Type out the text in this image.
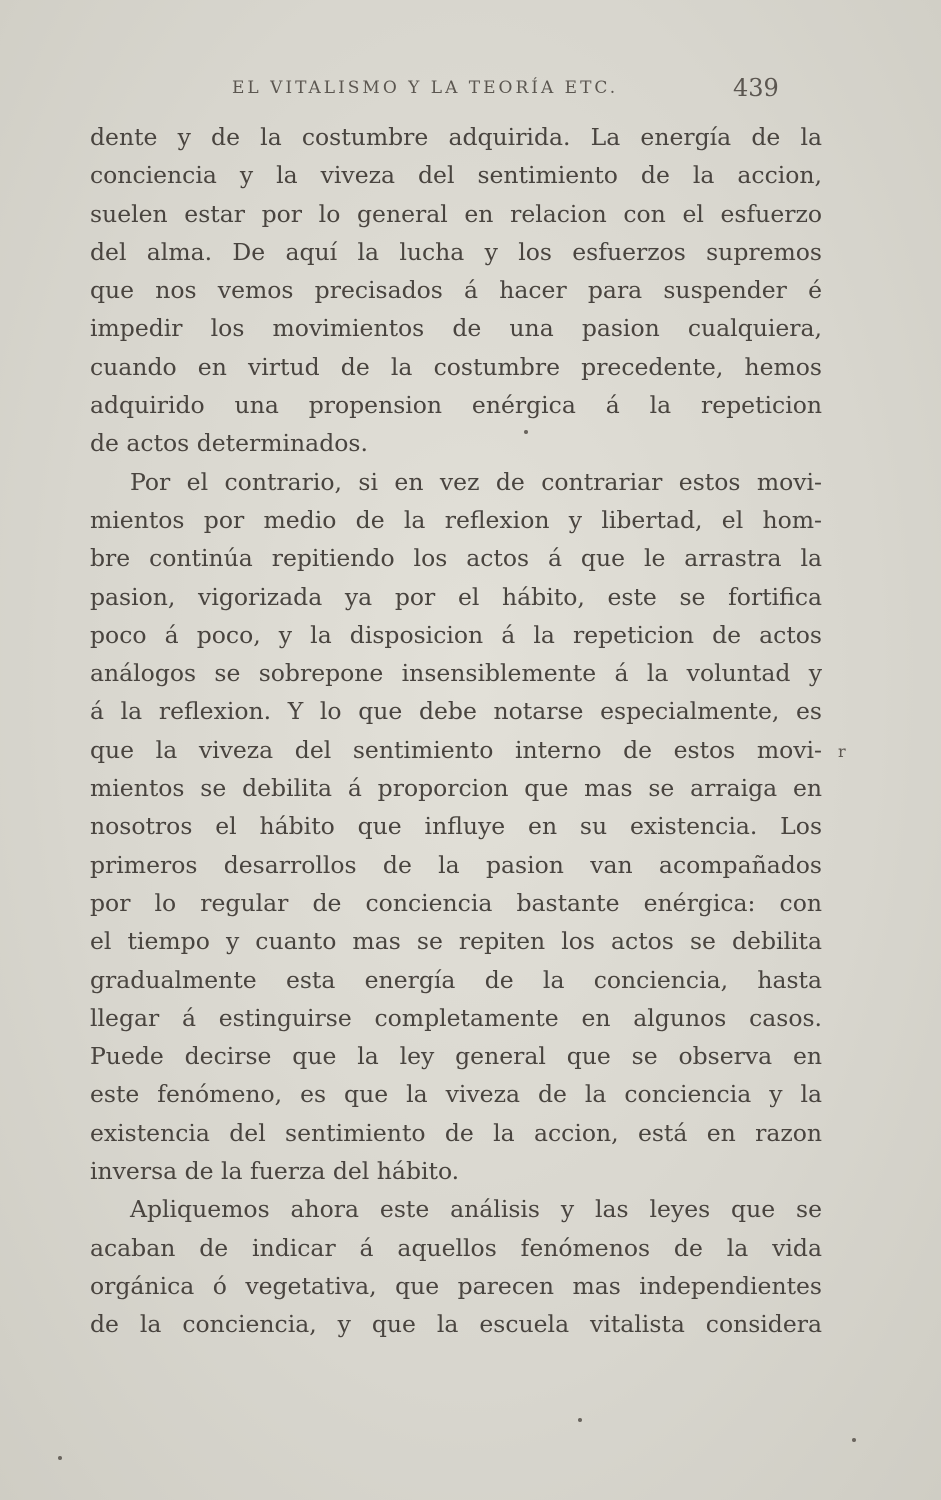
EL VITALISMO Y LA TEORÍA ETC.	439

dente y de la costumbre adquirida. La energía de la
conciencia y la viveza del sentimiento de la accion,
suelen estar por lo general en relacion con el esfuerzo
del alma. De aquí la lucha y los esfuerzos supremos
que nos vemos precisados á hacer para suspender é
impedir los movimientos de una pasion cualquiera,
cuando en virtud de la costumbre precedente, hemos
adquirido una propension enérgica á la repeticion
de actos determinados.

Por el contrario, si en vez de contrariar estos movi-
mientos por medio de la reflexion y libertad, el hom-
bre continúa repitiendo los actos á que le arrastra la
pasion, vigorizada ya por el hábito, este se fortifica
poco á poco, y la disposicion á la repeticion de actos
análogos se sobrepone insensiblemente á la voluntad y
á la reflexion. Y lo que debe notarse especialmente, es
que la viveza del sentimiento interno de estos movi-
mientos se debilita á proporcion que mas se arraiga en
nosotros el hábito que influye en su existencia. Los
primeros desarrollos de la pasion van acompañados
por lo regular de conciencia bastante enérgica: con
el tiempo y cuanto mas se repiten los actos se debilita
gradualmente esta energía de la conciencia, hasta
llegar á estinguirse completamente en algunos casos.
Puede decirse que la ley general que se observa en
este fenómeno, es que la viveza de la conciencia y la
existencia del sentimiento de la accion, está en razon
inversa de la fuerza del hábito.

Apliquemos ahora este análisis y las leyes que se
acaban de indicar á aquellos fenómenos de la vida
orgánica ó vegetativa, que parecen mas independientes
de la conciencia, y que la escuela vitalista considera

r
